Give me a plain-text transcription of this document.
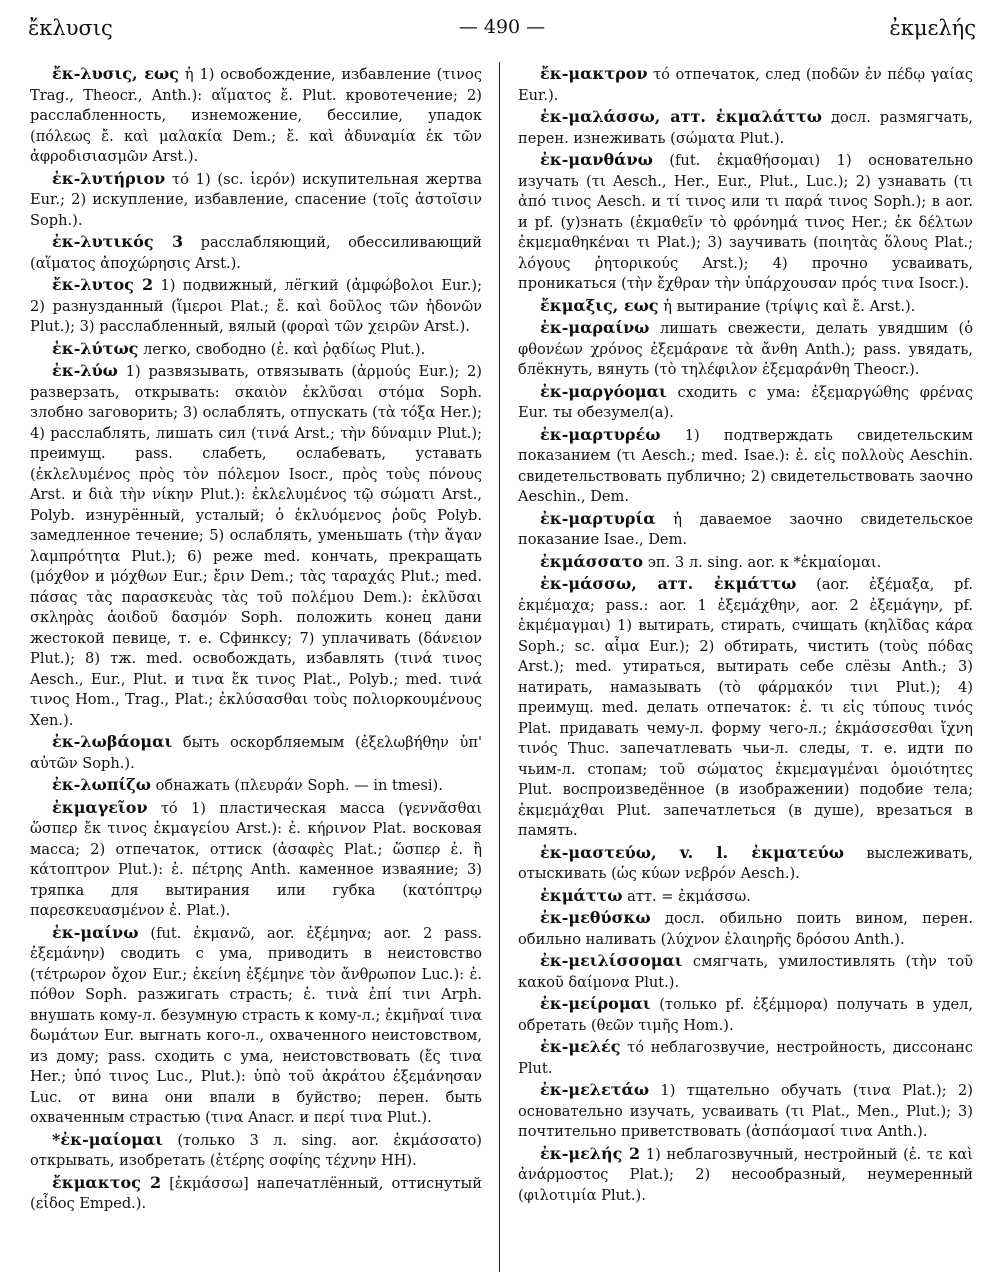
ἔκλυσις	— 490 —	ἐκμελής

ἔκ-λυσις, εως ἡ 1) освобождение, избавление (τινος Trag., Theocr., Anth.): αἵματος ἔ. Plut. кровотечение; 2) расслабленность, изнеможение, бессилие, упадок (πόλεως ἔ. καὶ μαλακία Dem.; ἔ. καὶ ἀδυναμία ἐκ τῶν ἀφροδισιασμῶν Arst.).

ἐκ-λυτήριον τό 1) (sc. ἱερόν) искупительная жертва Eur.; 2) искупление, избавление, спасение (τοῖς ἀστοῖσιν Soph.).

ἐκ-λυτικός 3 расслабляющий, обессиливающий (αἵματος ἀποχώρησις Arst.).

ἔκ-λυτος 2 1) подвижный, лёгкий (ἀμφώβολοι Eur.); 2) разнузданный (ἵμεροι Plat.; ἔ. καὶ δοῦλος τῶν ἡδονῶν Plut.); 3) расслабленный, вялый (φοραὶ τῶν χειρῶν Arst.).

ἐκ-λύτως легко, свободно (ἐ. καὶ ῥᾳδίως Plut.).

ἐκ-λύω 1) развязывать, отвязывать (ἁρμούς Eur.); 2) разверзать, открывать: σκαιὸν ἐκλῦσαι στόμα Soph. злобно заговорить; 3) ослаблять, отпускать (τὰ τόξα Her.); 4) расслаблять, лишать сил (τινά Arst.; τὴν δύναμιν Plut.); преимущ. pass. слабеть, ослабевать, уставать (ἐκλελυμένος πρὸς τὸν πόλεμον Isocr., πρὸς τοὺς πόνους Arst. и διὰ τὴν νίκην Plut.): ἐκλελυμένος τῷ σώματι Arst., Polyb. изнурённый, усталый; ὁ ἐκλυόμενος ῥοῦς Polyb. замедленное течение; 5) ослаблять, уменьшать (τὴν ἄγαν λαμπρότητα Plut.); 6) реже med. кончать, прекращать (μόχθον и μόχθων Eur.; ἔριν Dem.; τὰς ταραχάς Plut.; med. πάσας τὰς παρασκευὰς τὰς τοῦ πολέμου Dem.): ἐκλῦσαι σκληρὰς ἀοιδοῦ δασμόν Soph. положить конец дани жестокой певице, т. е. Сфинксу; 7) уплачивать (δάνειον Plut.); 8) тж. med. освобождать, избавлять (τινά τινος Aesch., Eur., Plut. и τινα ἔκ τινος Plat., Polyb.; med. τινά τινος Hom., Trag., Plat.; ἐκλύσασθαι τοὺς πολιορκουμένους Xen.).

ἐκ-λωβάομαι быть оскорбляемым (ἐξελωβήθην ὑπ' αὐτῶν Soph.).

ἐκ-λωπίζω обнажать (πλευράν Soph. — in tmesi).

ἐκμαγεῖον τό 1) пластическая масса (γεννᾶσθαι ὥσπερ ἔκ τινος ἐκμαγείου Arst.): ἐ. κήρινον Plat. восковая масса; 2) отпечаток, оттиск (ἀσαφὲς Plat.; ὥσπερ ἐ. ἢ κάτοπτρον Plut.): ἐ. πέτρης Anth. каменное изваяние; 3) тряпка для вытирания или губка (κατόπτρῳ παρεσκευασμένον ἐ. Plat.).

ἐκ-μαίνω (fut. ἐκμανῶ, aor. ἐξέμηνα; aor. 2 pass. ἐξεμάνην) сводить с ума, приводить в неистовство (τέτρωρον ὄχον Eur.; ἐκείνη ἐξέμηνε τὸν ἄνθρωπον Luc.): ἐ. πόθον Soph. разжигать страсть; ἐ. τινὰ ἐπί τινι Arph. внушать кому-л. безумную страсть к кому-л.; ἐκμῆναί τινα δωμάτων Eur. выгнать кого-л., охваченного неистовством, из дому; pass. сходить с ума, неистовствовать (ἔς τινα Her.; ὑπό τινος Luc., Plut.): ὑπὸ τοῦ ἀκράτου ἐξεμάνησαν Luc. от вина они впали в буйство; перен. быть охваченным страстью (τινα Anacr. и περί τινα Plut.).

*ἐκ-μαίομαι (только 3 л. sing. aor. ἐκμάσσατο) открывать, изобретать (ἑτέρης σοφίης τέχνην HH).

ἔκμακτος 2 [ἐκμάσσω] напечатлённый, оттиснутый (εἶδος Emped.).

ἔκ-μακτρον τό отпечаток, след (ποδῶν ἐν πέδῳ γαίας Eur.).

ἐκ-μαλάσσω, атт. ἐκμαλάττω досл. размягчать, перен. изнеживать (σώματα Plut.).

ἐκ-μανθάνω (fut. ἐκμαθήσομαι) 1) основательно изучать (τι Aesch., Her., Eur., Plut., Luc.); 2) узнавать (τι ἀπό τινος Aesch. и τί τινος или τι παρά τινος Soph.); в aor. и pf. (у)знать (ἐκμαθεῖν τὸ φρόνημά τινος Her.; ἐκ δέλτων ἐκμεμαθηκέναι τι Plat.); 3) заучивать (ποιητὰς ὅλους Plat.; λόγους ῥητορικούς Arst.); 4) прочно усваивать, проникаться (τὴν ἔχθραν τὴν ὑπάρχουσαν πρός τινα Isocr.).

ἔκμαξις, εως ἡ вытирание (τρίψις καὶ ἔ. Arst.).

ἐκ-μαραίνω лишать свежести, делать увядшим (ὁ φθονέων χρόνος ἐξεμάρανε τὰ ἄνθη Anth.); pass. увядать, блёкнуть, вянуть (τὸ τηλέφιλον ἐξεμαράνθη Theocr.).

ἐκ-μαργόομαι сходить с ума: ἐξεμαργώθης φρένας Eur. ты обезумел(а).

ἐκ-μαρτυρέω 1) подтверждать свидетельским показанием (τι Aesch.; med. Isae.): ἐ. εἰς πολλοὺς Aeschin. свидетельствовать публично; 2) свидетельствовать заочно Aeschin., Dem.

ἐκ-μαρτυρία ἡ даваемое заочно свидетельское показание Isae., Dem.

ἐκμάσσατο эп. 3 л. sing. aor. к *ἐκμαίομαι.

ἐκ-μάσσω, атт. ἐκμάττω (aor. ἐξέμαξα, pf. ἐκμέμαχα; pass.: aor. 1 ἐξεμάχθην, aor. 2 ἐξεμάγην, pf. ἐκμέμαγμαι) 1) вытирать, стирать, счищать (κηλῖδας κάρα Soph.; sc. αἷμα Eur.); 2) обтирать, чистить (τοὺς πόδας Arst.); med. утираться, вытирать себе слёзы Anth.; 3) натирать, намазывать (τὸ φάρμακόν τινι Plut.); 4) преимущ. med. делать отпечаток: ἐ. τι εἰς τύπους τινός Plat. придавать чему-л. форму чего-л.; ἐκμάσσεσθαι ἴχνη τινός Thuc. запечатлевать чьи-л. следы, т. е. идти по чьим-л. стопам; τοῦ σώματος ἐκμεμαγμέναι ὁμοιότητες Plut. воспроизведённое (в изображении) подобие тела; ἐκμεμάχθαι Plut. запечатлеться (в душе), врезаться в память.

ἐκ-μαστεύω, v. l. ἐκματεύω выслеживать, отыскивать (ὡς κύων νεβρόν Aesch.).

ἐκμάττω атт. = ἐκμάσσω.

ἐκ-μεθύσκω досл. обильно поить вином, перен. обильно наливать (λύχνον ἐλαιηρῆς δρόσου Anth.).

ἐκ-μειλίσσομαι смягчать, умилостивлять (τὴν τοῦ κακοῦ δαίμονα Plut.).

ἐκ-μείρομαι (только pf. ἐξέμμορα) получать в удел, обретать (θεῶν τιμῆς Hom.).

ἐκ-μελές τό неблагозвучие, нестройность, диссонанс Plut.

ἐκ-μελετάω 1) тщательно обучать (τινα Plat.); 2) основательно изучать, усваивать (τι Plat., Men., Plut.); 3) почтительно приветствовать (ἀσπάσμασί τινα Anth.).

ἐκ-μελής 2 1) неблагозвучный, нестройный (ἐ. τε καὶ ἀνάρμοστος Plat.); 2) несообразный, неумеренный (φιλοτιμία Plut.).
